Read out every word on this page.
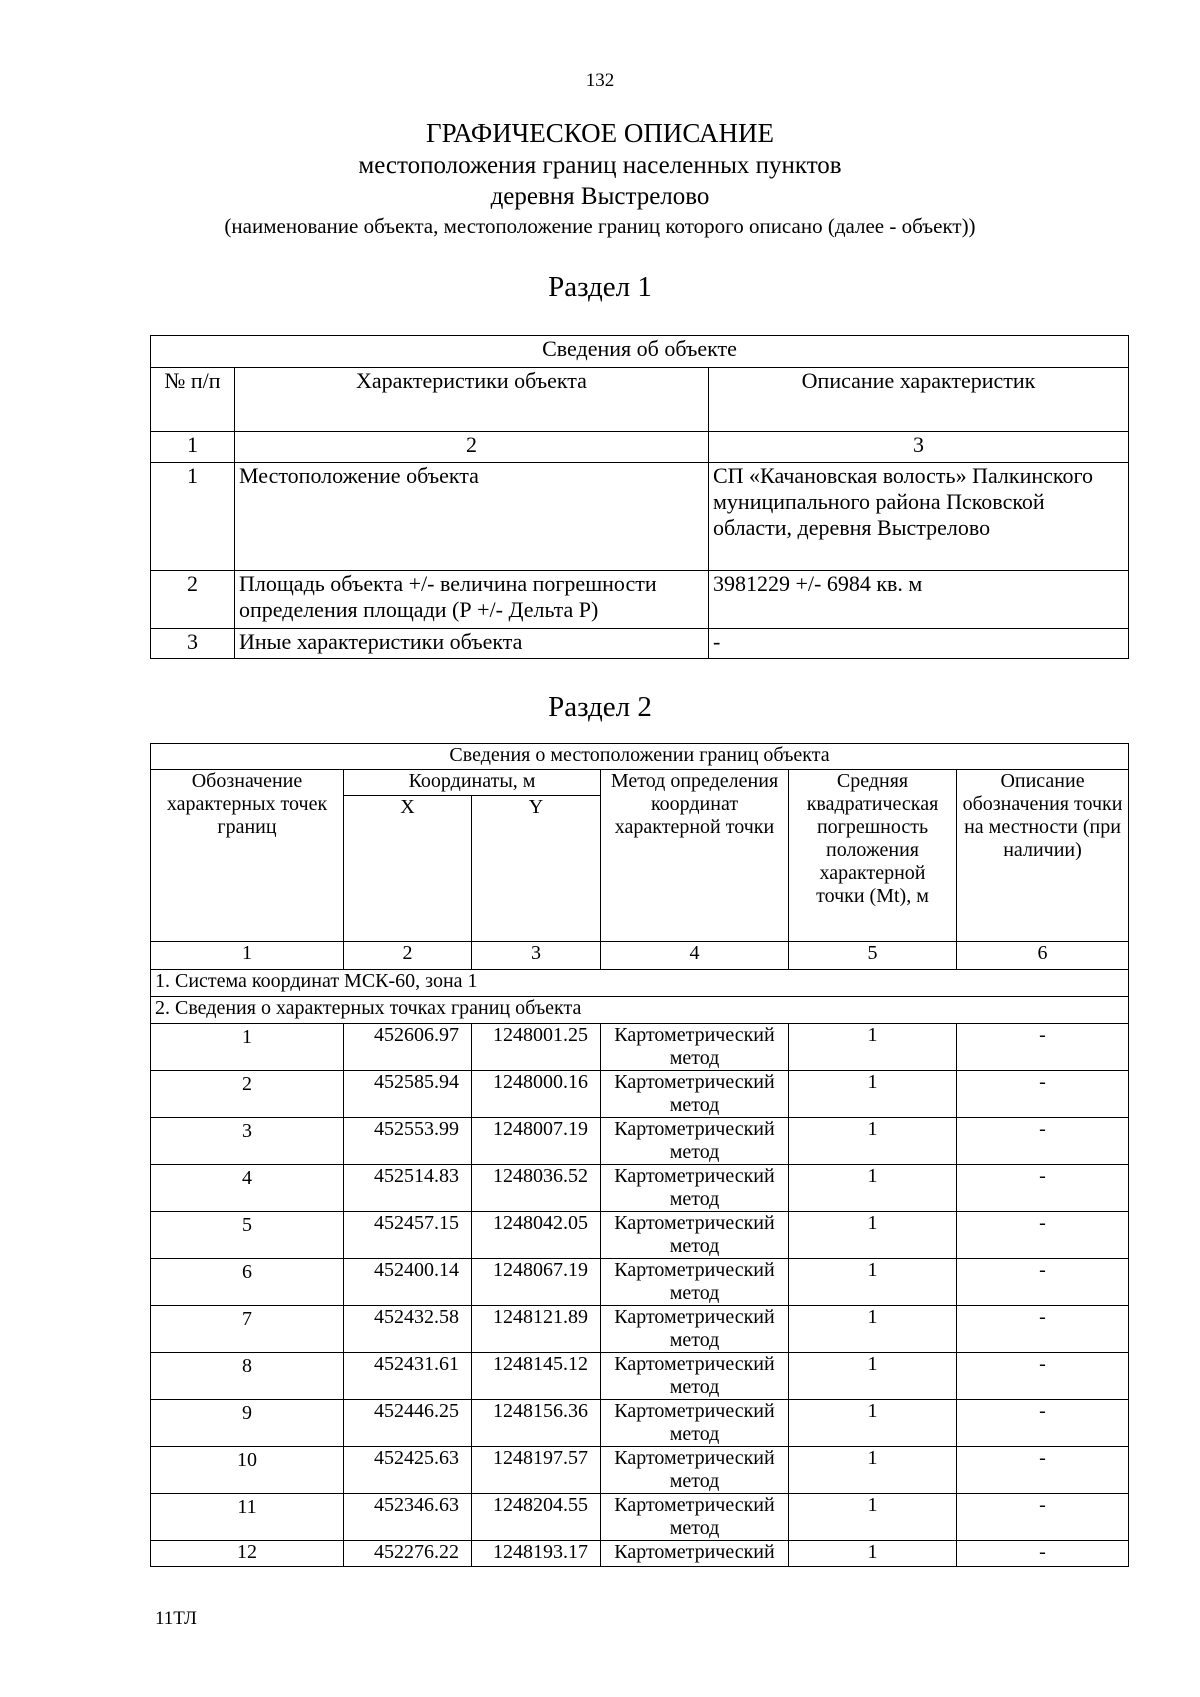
132
ГРАФИЧЕСКОЕ ОПИСАНИЕ
местоположения границ населенных пунктов
деревня Выстрелово
(наименование объекта, местоположение границ которого описано (далее - объект))
Раздел 1
Сведения об объекте		
№ п/п	Характеристики объекта	Описание характеристик
1	2	3
1	Местоположение объекта	СП «Качановская волость» Палкинского муниципального района Псковской области, деревня Выстрелово
2	Площадь объекта +/- величина погрешности определения площади (Р +/- Дельта Р)	3981229 +/- 6984 кв. м
3	Иные характеристики объекта	-
Раздел 2
Сведения о местоположении границ объекта					
Обозначение характерных точек границ	Координаты, м		Метод определения координат характерной точки	Средняя квадратическая погрешность положения характерной точки (Mt), м	Описание обозначения точки на местности (при наличии)
	X	Y			
1	2	3	4	5	6
1. Система координат МСК-60, зона 1					
2. Сведения о характерных точках границ объекта					
1	452606.97	1248001.25	Картометрический метод	1	-
2	452585.94	1248000.16	Картометрический метод	1	-
3	452553.99	1248007.19	Картометрический метод	1	-
4	452514.83	1248036.52	Картометрический метод	1	-
5	452457.15	1248042.05	Картометрический метод	1	-
6	452400.14	1248067.19	Картометрический метод	1	-
7	452432.58	1248121.89	Картометрический метод	1	-
8	452431.61	1248145.12	Картометрический метод	1	-
9	452446.25	1248156.36	Картометрический метод	1	-
10	452425.63	1248197.57	Картометрический метод	1	-
11	452346.63	1248204.55	Картометрический метод	1	-
12	452276.22	1248193.17	Картометрический	1	-
11ТЛ
